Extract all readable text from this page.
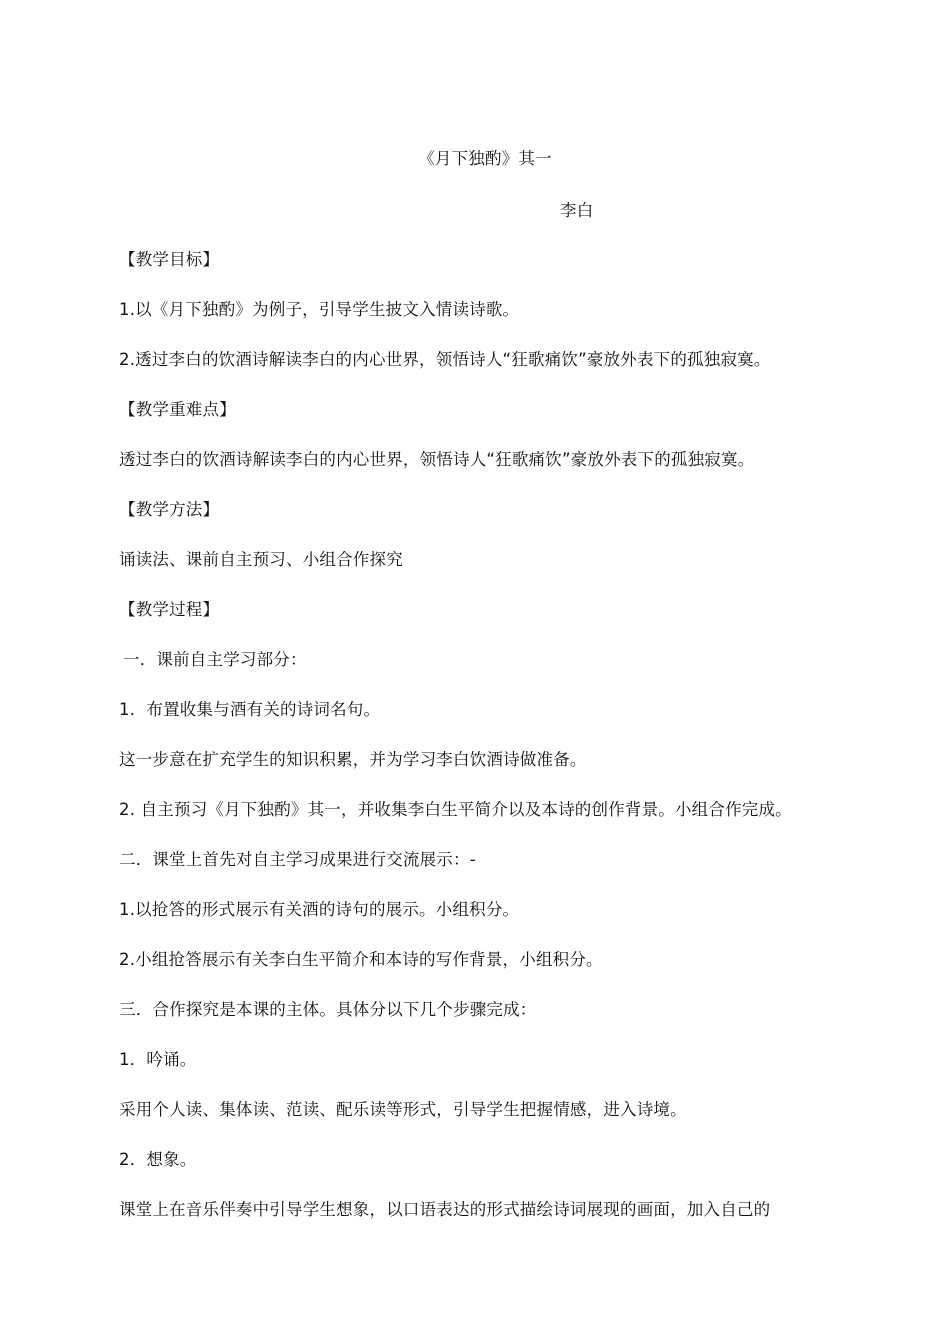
《月下独酌》其一
李白
【教学目标】
1.以《月下独酌》为例子，引导学生披文入情读诗歌。
2.透过李白的饮酒诗解读李白的内心世界，领悟诗人“狂歌痛饮”豪放外表下的孤独寂寞。
【教学重难点】
透过李白的饮酒诗解读李白的内心世界，领悟诗人“狂歌痛饮”豪放外表下的孤独寂寞。
【教学方法】
诵读法、课前自主预习、小组合作探究
【教学过程】
一．课前自主学习部分：
1．布置收集与酒有关的诗词名句。
这一步意在扩充学生的知识积累，并为学习李白饮酒诗做准备。
2. 自主预习《月下独酌》其一，并收集李白生平简介以及本诗的创作背景。小组合作完成。
二．课堂上首先对自主学习成果进行交流展示：-
1.以抢答的形式展示有关酒的诗句的展示。小组积分。
2.小组抢答展示有关李白生平简介和本诗的写作背景，小组积分。
三．合作探究是本课的主体。具体分以下几个步骤完成：
1．吟诵。
采用个人读、集体读、范读、配乐读等形式，引导学生把握情感，进入诗境。
2．想象。
课堂上在音乐伴奏中引导学生想象，以口语表达的形式描绘诗词展现的画面，加入自己的
